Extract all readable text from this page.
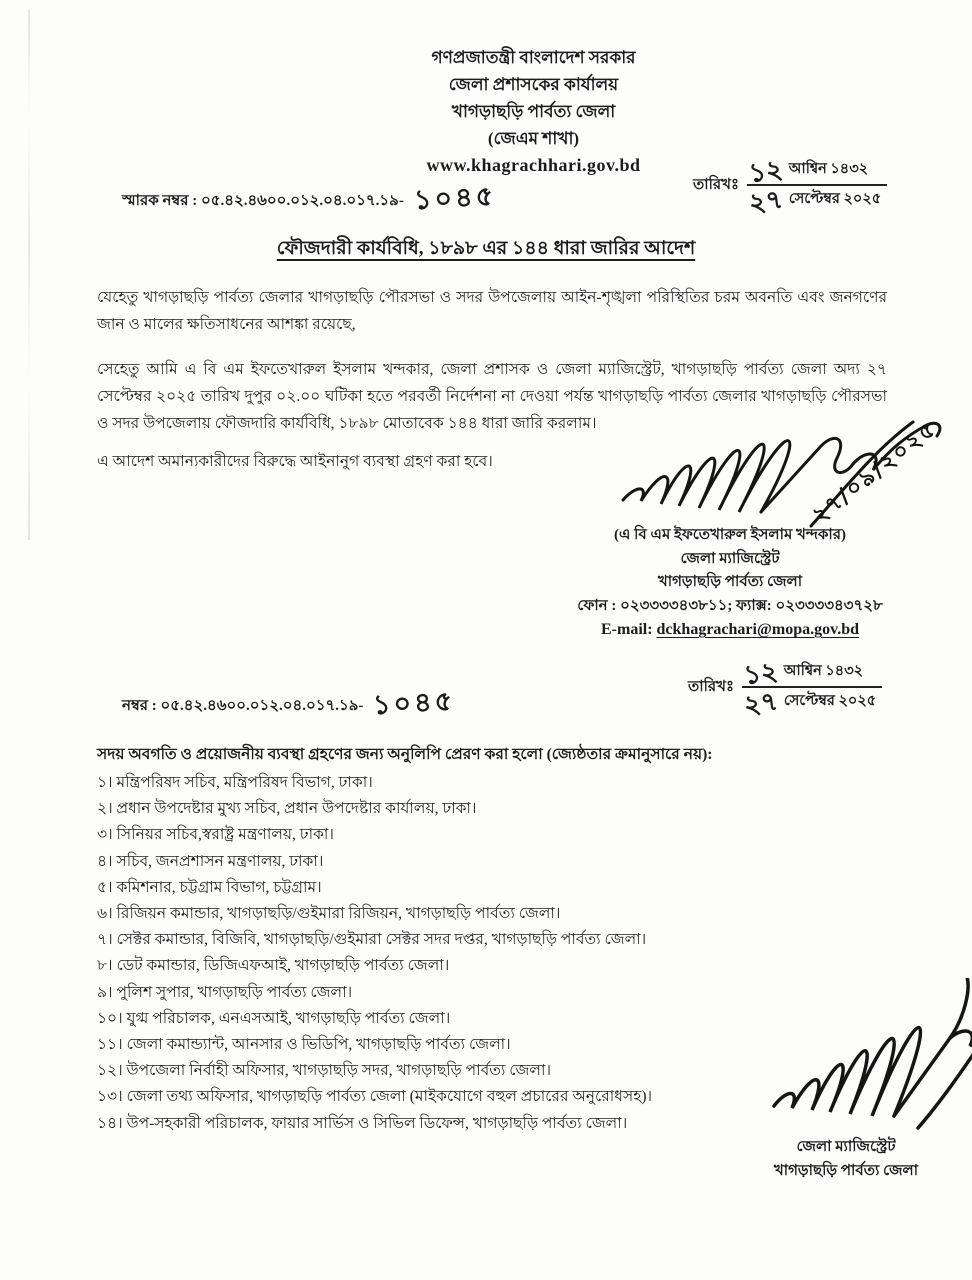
গণপ্রজাতন্ত্রী বাংলাদেশ সরকার
জেলা প্রশাসকের কার্যালয়
খাগড়াছড়ি পার্বত্য জেলা
(জেএম শাখা)
www.khagrachhari.gov.bd
স্মারক নম্বর : ০৫.৪২.৪৬০০.০১২.০৪.০১৭.১৯- ১০৪৫	তারিখঃ $\frac{\text{১২ আশ্বিন ১৪৩২}}{\text{২৭ সেপ্টেম্বর ২০২৫}}$
ফৌজদারী কার্যবিধি, ১৮৯৮ এর ১৪৪ ধারা জারির আদেশ
যেহেতু খাগড়াছড়ি পার্বত্য জেলার খাগড়াছড়ি পৌরসভা ও সদর উপজেলায় আইন-শৃঙ্খলা পরিস্থিতির চরম অবনতি এবং জনগণের জান ও মালের ক্ষতিসাধনের আশঙ্কা রয়েছে,
সেহেতু আমি এ বি এম ইফতেখারুল ইসলাম খন্দকার, জেলা প্রশাসক ও জেলা ম্যাজিস্ট্রেট, খাগড়াছড়ি পার্বত্য জেলা অদ্য ২৭ সেপ্টেম্বর ২০২৫ তারিখ দুপুর ০২.০০ ঘটিকা হতে পরবর্তী নির্দেশনা না দেওয়া পর্যন্ত খাগড়াছড়ি পার্বত্য জেলার খাগড়াছড়ি পৌরসভা ও সদর উপজেলায় ফৌজদারি কার্যবিধি, ১৮৯৮ মোতাবেক ১৪৪ ধারা জারি করলাম।
এ আদেশ অমান্যকারীদের বিরুদ্ধে আইনানুগ ব্যবস্থা গ্রহণ করা হবে।	২৭/০৯/২০২৫
(এ বি এম ইফতেখারুল ইসলাম খন্দকার)
জেলা ম্যাজিস্ট্রেট
খাগড়াছড়ি পার্বত্য জেলা
ফোন : ০২৩৩৩৩৪৩৮১১; ফ্যাক্স: ০২৩৩৩৩৪৩৭২৮
E-mail: dckhagrachari@mopa.gov.bd
নম্বর : ০৫.৪২.৪৬০০.০১২.০৪.০১৭.১৯- ১০৪৫	তারিখঃ $\frac{\text{১২ আশ্বিন ১৪৩২}}{\text{২৭ সেপ্টেম্বর ২০২৫}}$
সদয় অবগতি ও প্রয়োজনীয় ব্যবস্থা গ্রহণের জন্য অনুলিপি প্রেরণ করা হলো (জ্যেষ্ঠতার ক্রমানুসারে নয়):
১। মন্ত্রিপরিষদ সচিব, মন্ত্রিপরিষদ বিভাগ, ঢাকা।
২। প্রধান উপদেষ্টার মুখ্য সচিব, প্রধান উপদেষ্টার কার্যালয়, ঢাকা।
৩। সিনিয়র সচিব,স্বরাষ্ট্র মন্ত্রণালয়, ঢাকা।
৪। সচিব, জনপ্রশাসন মন্ত্রণালয়, ঢাকা।
৫। কমিশনার, চট্টগ্রাম বিভাগ, চট্টগ্রাম।
৬। রিজিয়ন কমান্ডার, খাগড়াছড়ি/গুইমারা রিজিয়ন, খাগড়াছড়ি পার্বত্য জেলা।
৭। সেক্টর কমান্ডার, বিজিবি, খাগড়াছড়ি/গুইমারা সেক্টর সদর দপ্তর, খাগড়াছড়ি পার্বত্য জেলা।
৮। ডেট কমান্ডার, ডিজিএফআই, খাগড়াছড়ি পার্বত্য জেলা।
৯। পুলিশ সুপার, খাগড়াছড়ি পার্বত্য জেলা।
১০। যুগ্ম পরিচালক, এনএসআই, খাগড়াছড়ি পার্বত্য জেলা।
১১। জেলা কমান্ড্যান্ট, আনসার ও ভিডিপি, খাগড়াছড়ি পার্বত্য জেলা।
১২। উপজেলা নির্বাহী অফিসার, খাগড়াছড়ি সদর, খাগড়াছড়ি পার্বত্য জেলা।
১৩। জেলা তথ্য অফিসার, খাগড়াছড়ি পার্বত্য জেলা (মাইকযোগে বহুল প্রচারের অনুরোধসহ)।
১৪। উপ-সহকারী পরিচালক, ফায়ার সার্ভিস ও সিভিল ডিফেন্স, খাগড়াছড়ি পার্বত্য জেলা।
জেলা ম্যাজিস্ট্রেট
খাগড়াছড়ি পার্বত্য জেলা
